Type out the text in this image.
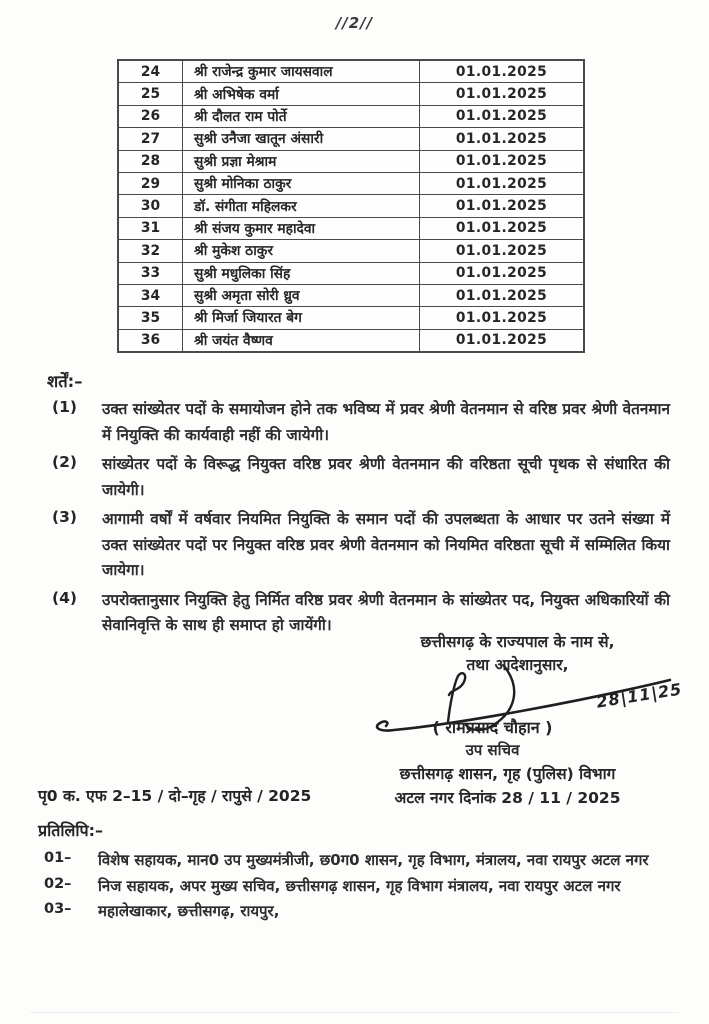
//2//
24	श्री राजेन्द्र कुमार जायसवाल	01.01.2025
25	श्री अभिषेक वर्मा	01.01.2025
26	श्री दौलत राम पोर्ते	01.01.2025
27	सुश्री उनैजा खातून अंसारी	01.01.2025
28	सुश्री प्रज्ञा मेश्राम	01.01.2025
29	सुश्री मोनिका ठाकुर	01.01.2025
30	डॉ. संगीता महिलकर	01.01.2025
31	श्री संजय कुमार महादेवा	01.01.2025
32	श्री मुकेश ठाकुर	01.01.2025
33	सुश्री मधुलिका सिंह	01.01.2025
34	सुश्री अमृता सोरी ध्रुव	01.01.2025
35	श्री मिर्जा जियारत बेग	01.01.2025
36	श्री जयंत वैष्णव	01.01.2025
शर्तें:–
(1)	उक्त सांख्येतर पदों के समायोजन होने तक भविष्य में प्रवर श्रेणी वेतनमान से वरिष्ठ प्रवर श्रेणी वेतनमान में नियुक्ति की कार्यवाही नहीं की जायेगी।
(2)	सांख्येतर पदों के विरूद्ध नियुक्त वरिष्ठ प्रवर श्रेणी वेतनमान की वरिष्ठता सूची पृथक से संधारित की जायेगी।
(3)	आगामी वर्षों में वर्षवार नियमित नियुक्ति के समान पदों की उपलब्धता के आधार पर उतने संख्या में उक्त सांख्येतर पदों पर नियुक्त वरिष्ठ प्रवर श्रेणी वेतनमान को नियमित वरिष्ठता सूची में सम्मिलित किया जायेगा।
(4)	उपरोक्तानुसार नियुक्ति हेतु निर्मित वरिष्ठ प्रवर श्रेणी वेतनमान के सांख्येतर पद, नियुक्त अधिकारियों की सेवानिवृत्ति के साथ ही समाप्त हो जायेंगी।
छत्तीसगढ़ के राज्यपाल के नाम से,
तथा आदेशानुसार,
28|11|25
( रामप्रसाद चौहान )
उप सचिव
छत्तीसगढ़ शासन, गृह (पुलिस) विभाग
अटल नगर दिनांक 28 / 11 / 2025
पृ0 क. एफ 2–15 / दो–गृह / रापुसे / 2025
प्रतिलिपि:–
01–	विशेष सहायक, मान0 उप मुख्यमंत्रीजी, छ0ग0 शासन, गृह विभाग, मंत्रालय, नवा रायपुर अटल नगर
02–	निज सहायक, अपर मुख्य सचिव, छत्तीसगढ़ शासन, गृह विभाग मंत्रालय, नवा रायपुर अटल नगर
03–	महालेखाकार, छत्तीसगढ़, रायपुर,
